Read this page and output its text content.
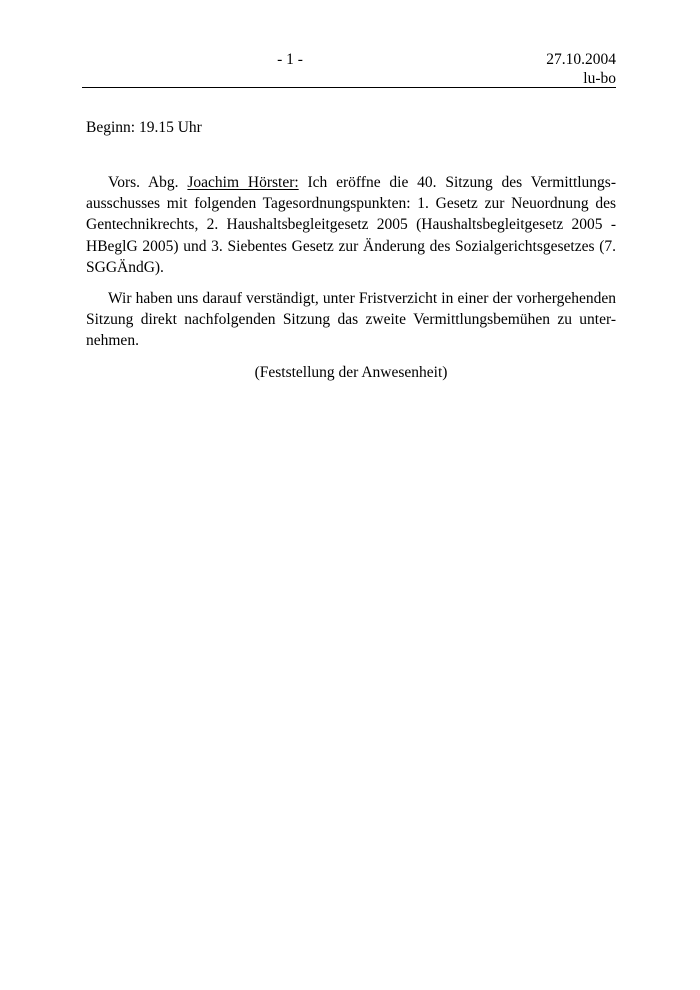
- 1 -	27.10.2004
lu-bo
Beginn: 19.15 Uhr

Vors. Abg. Joachim Hörster: Ich eröffne die 40. Sitzung des Vermittlungs-ausschusses mit folgenden Tagesordnungspunkten: 1. Gesetz zur Neuordnung des Gentechnikrechts, 2. Haushaltsbegleitgesetz 2005 (Haushaltsbegleitgesetz 2005 - HBeglG 2005) und 3. Siebentes Gesetz zur Änderung des Sozialgerichtsgesetzes (7. SGGÄndG).

Wir haben uns darauf verständigt, unter Fristverzicht in einer der vorhergehenden Sitzung direkt nachfolgenden Sitzung das zweite Vermittlungsbemühen zu unter-nehmen.

(Feststellung der Anwesenheit)
